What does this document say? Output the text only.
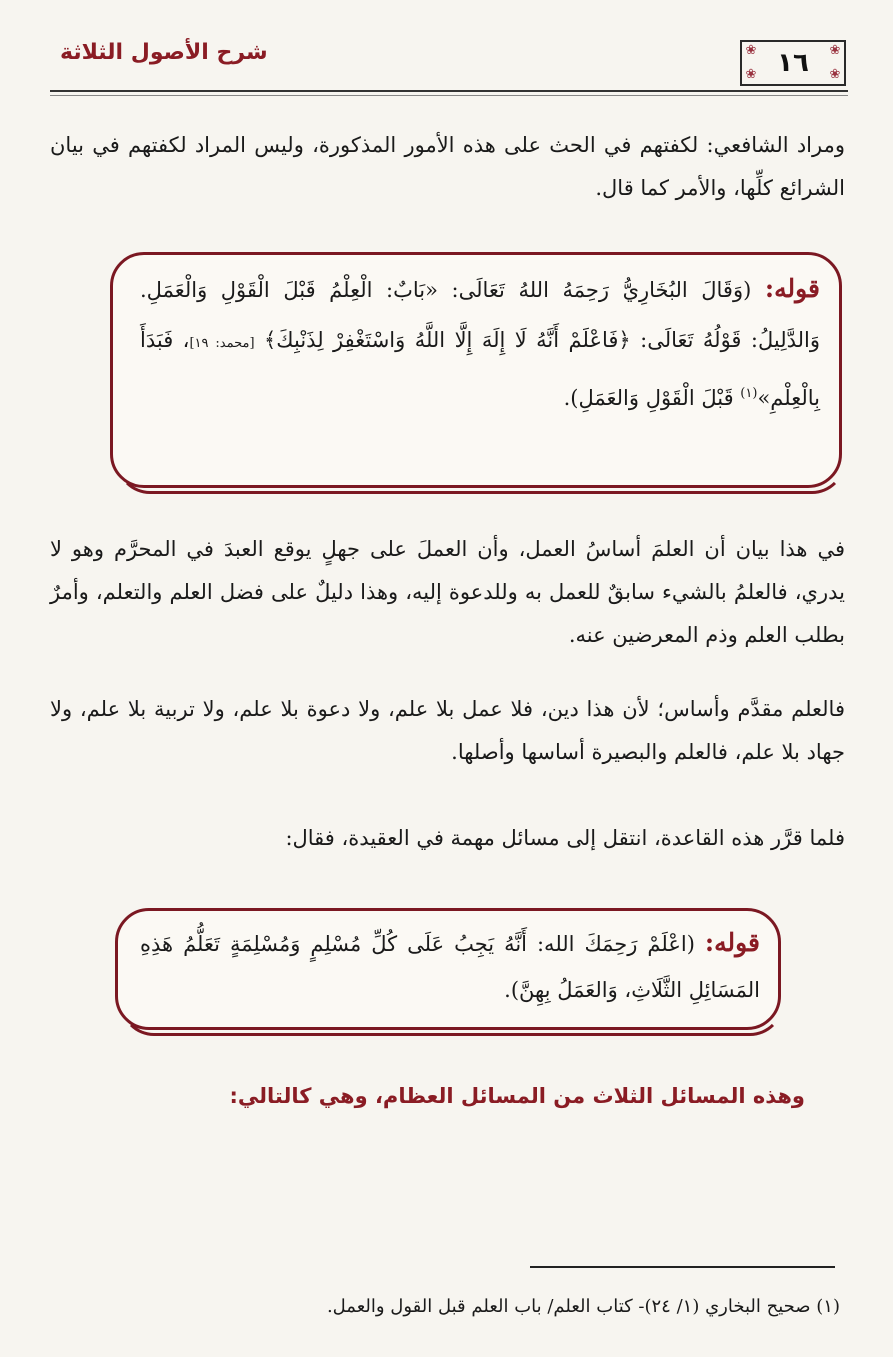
شرح الأصول الثلاثة	❀	❀
❀	❀
١٦
ومراد الشافعي: لكفتهم في الحث على هذه الأمور المذكورة، وليس المراد لكفتهم في بيان الشرائع كلِّها، والأمر كما قال.
قوله: (وَقَالَ البُخَارِيُّ رَحِمَهُ اللهُ تَعَالَى: «بَابٌ: الْعِلْمُ قَبْلَ الْقَوْلِ وَالْعَمَلِ. وَالدَّلِيلُ: قَوْلُهُ تَعَالَى: ﴿فَاعْلَمْ أَنَّهُ لَا إِلَهَ إِلَّا اللَّهُ وَاسْتَغْفِرْ لِذَنْبِكَ﴾ [محمد: ١٩]، فَبَدَأَ بِالْعِلْمِ»$^{(١)}$ قَبْلَ الْقَوْلِ وَالعَمَلِ).
في هذا بيان أن العلمَ أساسُ العمل، وأن العملَ على جهلٍ يوقع العبدَ في المحرَّم وهو لا يدري، فالعلمُ بالشيء سابقٌ للعمل به وللدعوة إليه، وهذا دليلٌ على فضل العلم والتعلم، وأمرٌ بطلب العلم وذم المعرضين عنه.
فالعلم مقدَّم وأساس؛ لأن هذا دين، فلا عمل بلا علم، ولا دعوة بلا علم، ولا تربية بلا علم، ولا جهاد بلا علم، فالعلم والبصيرة أساسها وأصلها.
فلما قرَّر هذه القاعدة، انتقل إلى مسائل مهمة في العقيدة، فقال:
قوله: (اعْلَمْ رَحِمَكَ الله: أَنَّهُ يَجِبُ عَلَى كُلِّ مُسْلِمٍ وَمُسْلِمَةٍ تَعَلُّمُ هَذِهِ المَسَائِلِ الثَّلَاثِ، وَالعَمَلُ بِهِنَّ).
وهذه المسائل الثلاث من المسائل العظام، وهي كالتالي:
(١) صحيح البخاري (١/ ٢٤)- كتاب العلم/ باب العلم قبل القول والعمل.
